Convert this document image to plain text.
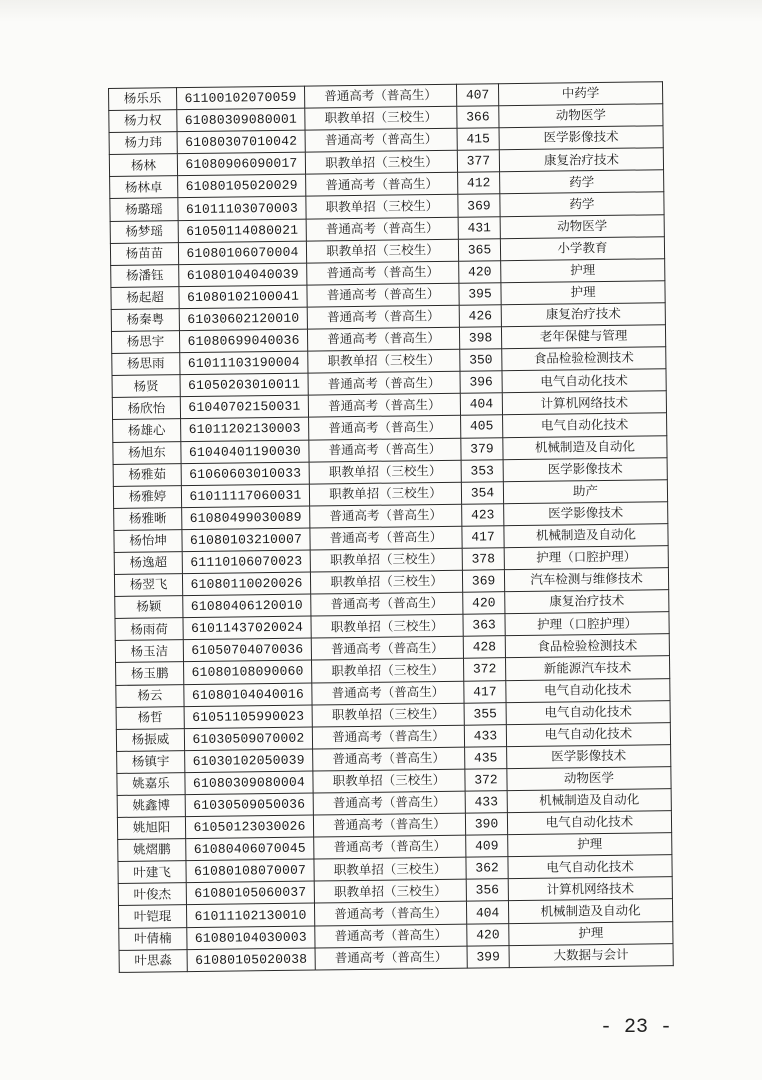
杨乐乐	61100102070059	普通高考（普高生）	407	中药学
杨力权	61080309080001	职教单招（三校生）	366	动物医学
杨力玮	61080307010042	普通高考（普高生）	415	医学影像技术
杨林	61080906090017	职教单招（三校生）	377	康复治疗技术
杨林卓	61080105020029	普通高考（普高生）	412	药学
杨璐瑶	61011103070003	职教单招（三校生）	369	药学
杨梦瑶	61050114080021	普通高考（普高生）	431	动物医学
杨苗苗	61080106070004	职教单招（三校生）	365	小学教育
杨潘钰	61080104040039	普通高考（普高生）	420	护理
杨起超	61080102100041	普通高考（普高生）	395	护理
杨秦粤	61030602120010	普通高考（普高生）	426	康复治疗技术
杨思宇	61080699040036	普通高考（普高生）	398	老年保健与管理
杨思雨	61011103190004	职教单招（三校生）	350	食品检验检测技术
杨贤	61050203010011	普通高考（普高生）	396	电气自动化技术
杨欣怡	61040702150031	普通高考（普高生）	404	计算机网络技术
杨雄心	61011202130003	普通高考（普高生）	405	电气自动化技术
杨旭东	61040401190030	普通高考（普高生）	379	机械制造及自动化
杨雅茹	61060603010033	职教单招（三校生）	353	医学影像技术
杨雅婷	61011117060031	职教单招（三校生）	354	助产
杨雅晰	61080499030089	普通高考（普高生）	423	医学影像技术
杨怡坤	61080103210007	普通高考（普高生）	417	机械制造及自动化
杨逸超	61110106070023	职教单招（三校生）	378	护理（口腔护理）
杨翌飞	61080110020026	职教单招（三校生）	369	汽车检测与维修技术
杨颖	61080406120010	普通高考（普高生）	420	康复治疗技术
杨雨荷	61011437020024	职教单招（三校生）	363	护理（口腔护理）
杨玉洁	61050704070036	普通高考（普高生）	428	食品检验检测技术
杨玉鹏	61080108090060	职教单招（三校生）	372	新能源汽车技术
杨云	61080104040016	普通高考（普高生）	417	电气自动化技术
杨哲	61051105990023	职教单招（三校生）	355	电气自动化技术
杨振威	61030509070002	普通高考（普高生）	433	电气自动化技术
杨镇宇	61030102050039	普通高考（普高生）	435	医学影像技术
姚嘉乐	61080309080004	职教单招（三校生）	372	动物医学
姚鑫博	61030509050036	普通高考（普高生）	433	机械制造及自动化
姚旭阳	61050123030026	普通高考（普高生）	390	电气自动化技术
姚熠鹏	61080406070045	普通高考（普高生）	409	护理
叶建飞	61080108070007	职教单招（三校生）	362	电气自动化技术
叶俊杰	61080105060037	职教单招（三校生）	356	计算机网络技术
叶铠琨	61011102130010	普通高考（普高生）	404	机械制造及自动化
叶倩楠	61080104030003	普通高考（普高生）	420	护理
叶思淼	61080105020038	普通高考（普高生）	399	大数据与会计
- 23 -
